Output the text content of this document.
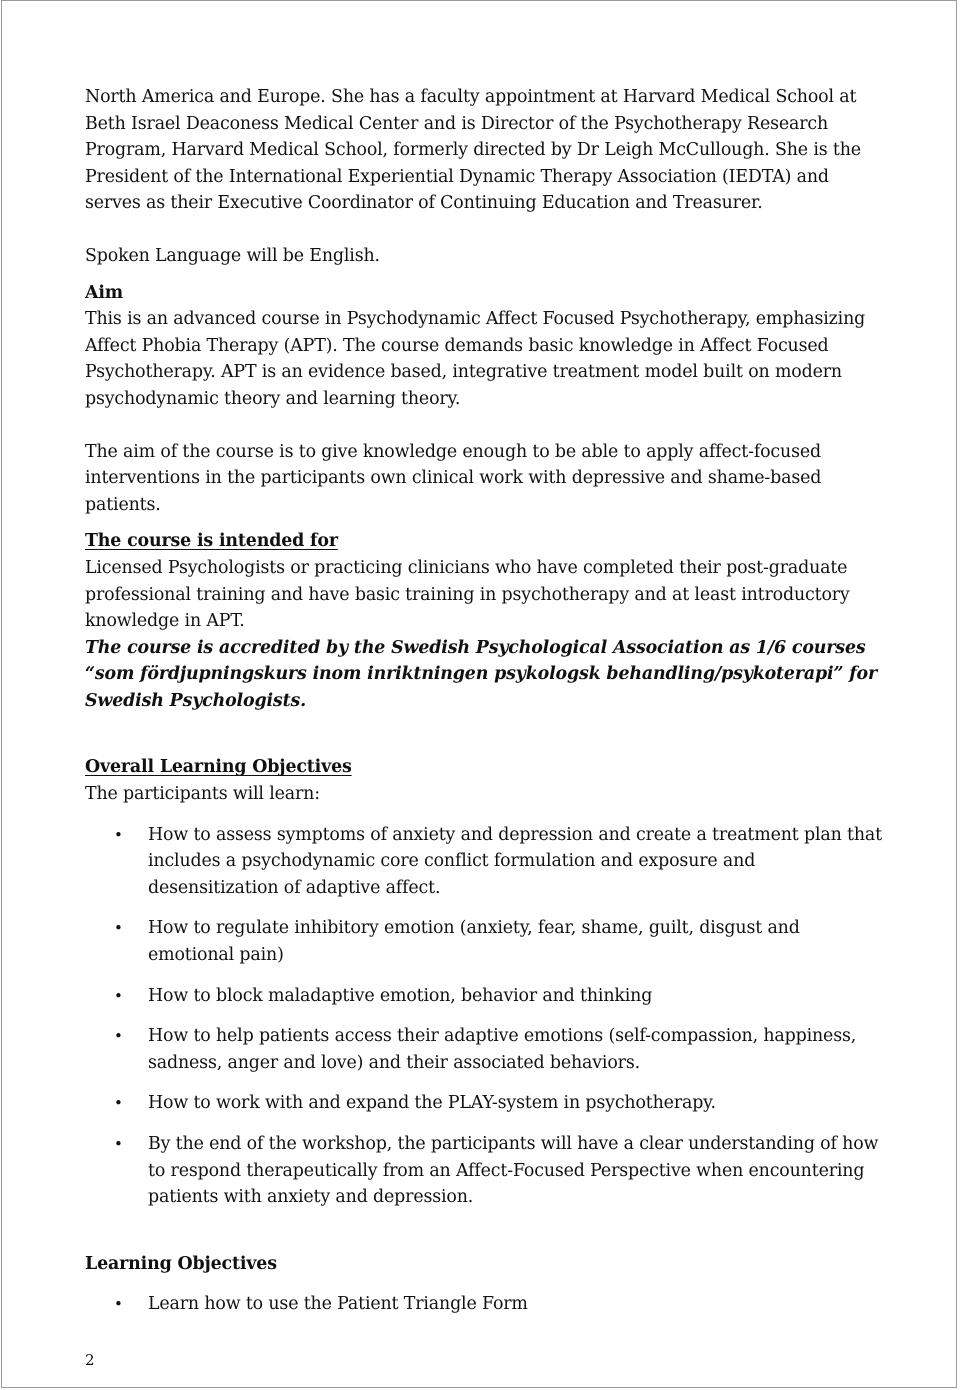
North America and Europe. She has a faculty appointment at Harvard Medical School at Beth Israel Deaconess Medical Center and is Director of the Psychotherapy Research Program, Harvard Medical School, formerly directed by Dr Leigh McCullough. She is the President of the International Experiential Dynamic Therapy Association (IEDTA) and serves as their Executive Coordinator of Continuing Education and Treasurer.

Spoken Language will be English.

Aim

This is an advanced course in Psychodynamic Affect Focused Psychotherapy, emphasizing Affect Phobia Therapy (APT). The course demands basic knowledge in Affect Focused Psychotherapy. APT is an evidence based, integrative treatment model built on modern psychodynamic theory and learning theory.

The aim of the course is to give knowledge enough to be able to apply affect-focused interventions in the participants own clinical work with depressive and shame-based patients.

The course is intended for

Licensed Psychologists or practicing clinicians who have completed their post-graduate professional training and have basic training in psychotherapy and at least introductory knowledge in APT.

The course is accredited by the Swedish Psychological Association as 1/6 courses “som fördjupningskurs inom inriktningen psykologsk behandling/psykoterapi” for Swedish Psychologists.

Overall Learning Objectives

The participants will learn:

• How to assess symptoms of anxiety and depression and create a treatment plan that includes a psychodynamic core conflict formulation and exposure and desensitization of adaptive affect.
• How to regulate inhibitory emotion (anxiety, fear, shame, guilt, disgust and emotional pain)
• How to block maladaptive emotion, behavior and thinking
• How to help patients access their adaptive emotions (self-compassion, happiness, sadness, anger and love) and their associated behaviors.
• How to work with and expand the PLAY-system in psychotherapy.
• By the end of the workshop, the participants will have a clear understanding of how to respond therapeutically from an Affect-Focused Perspective when encountering patients with anxiety and depression.

Learning Objectives

• Learn how to use the Patient Triangle Form
2
